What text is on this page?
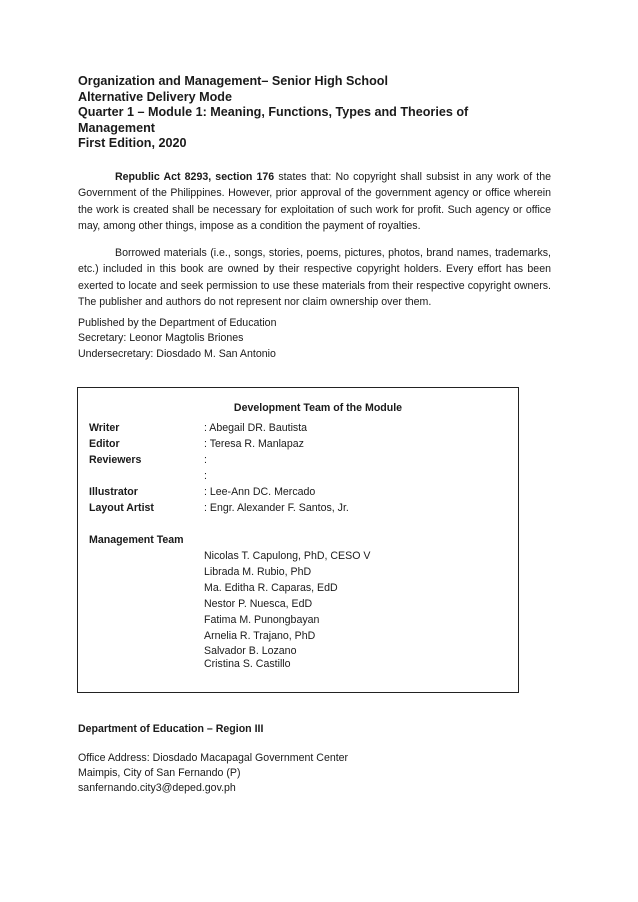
Organization and Management– Senior High School
Alternative Delivery Mode
Quarter 1 – Module 1: Meaning, Functions, Types and Theories of
Management
First Edition, 2020
Republic Act 8293, section 176 states that: No copyright shall subsist in any work of the Government of the Philippines. However, prior approval of the government agency or office wherein the work is created shall be necessary for exploitation of such work for profit. Such agency or office may, among other things, impose as a condition the payment of royalties.
Borrowed materials (i.e., songs, stories, poems, pictures, photos, brand names, trademarks, etc.) included in this book are owned by their respective copyright holders. Every effort has been exerted to locate and seek permission to use these materials from their respective copyright owners. The publisher and authors do not represent nor claim ownership over them.
Published by the Department of Education
Secretary: Leonor Magtolis Briones
Undersecretary: Diosdado M. San Antonio
Development Team of the Module
Writer	: Abegail DR. Bautista
Editor	: Teresa R. Manlapaz
Reviewers	:
:
Illustrator	: Lee-Ann DC. Mercado
Layout Artist	: Engr. Alexander F. Santos, Jr.
Management Team
Nicolas T. Capulong, PhD, CESO V
Librada M. Rubio, PhD
Ma. Editha R. Caparas, EdD
Nestor P. Nuesca, EdD
Fatima M. Punongbayan
Arnelia R. Trajano, PhD
Salvador B. Lozano
Cristina S. Castillo
Department of Education – Region III
Office Address: Diosdado Macapagal Government Center
Maimpis, City of San Fernando (P)
sanfernando.city3@deped.gov.ph
